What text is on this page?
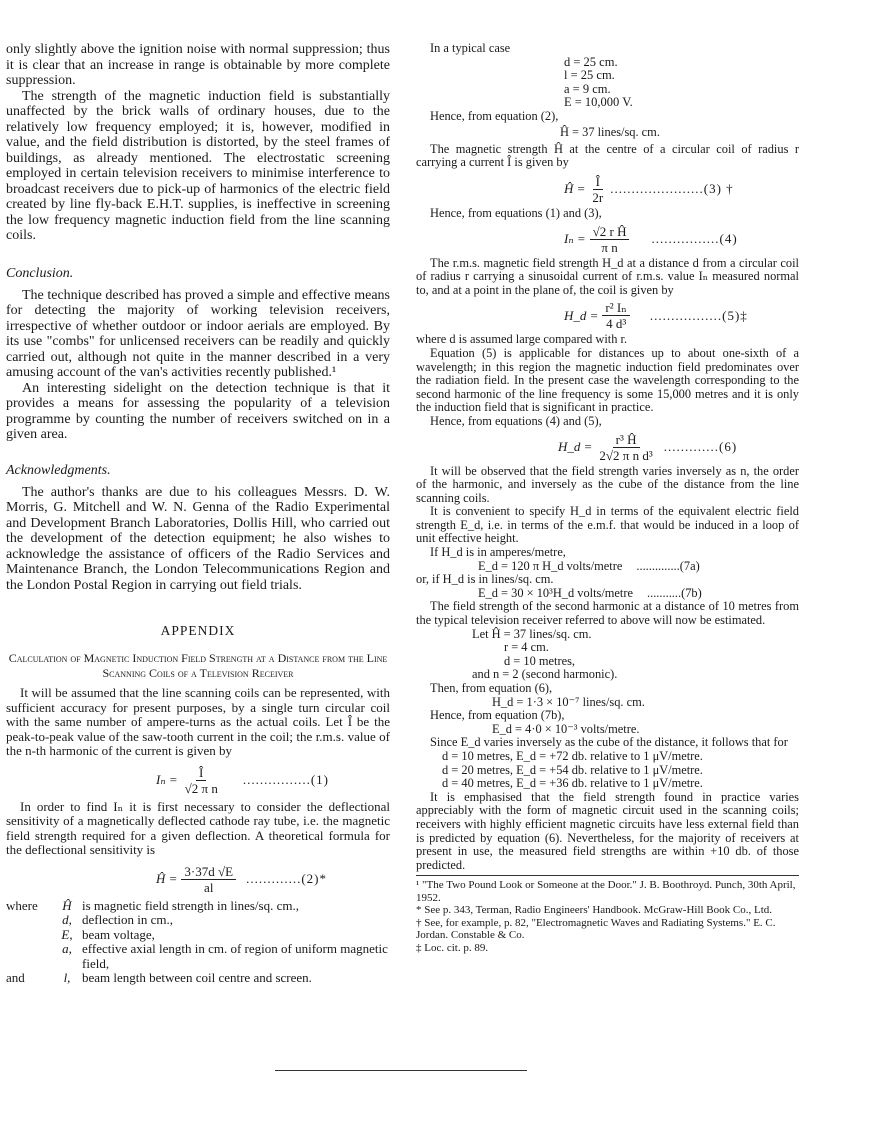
only slightly above the ignition noise with normal suppression; thus it is clear that an increase in range is obtainable by more complete suppression.

The strength of the magnetic induction field is substantially unaffected by the brick walls of ordinary houses, due to the relatively low frequency employed; it is, however, modified in value, and the field distribution is distorted, by the steel frames of buildings, as already mentioned. The electrostatic screening employed in certain television receivers to minimise interference to broadcast receivers due to pick-up of harmonics of the electric field created by line fly-back E.H.T. supplies, is ineffective in screening the low frequency magnetic induction field from the line scanning coils.

Conclusion.

The technique described has proved a simple and effective means for detecting the majority of working television receivers, irrespective of whether outdoor or indoor aerials are employed. By its use "combs" for unlicensed receivers can be readily and quickly carried out, although not quite in the manner described in a very amusing account of the van's activities recently published.¹

An interesting sidelight on the detection technique is that it provides a means for assessing the popularity of a television programme by counting the number of receivers switched on in a given area.

Acknowledgments.

The author's thanks are due to his colleagues Messrs. D. W. Morris, G. Mitchell and W. N. Genna of the Radio Experimental and Development Branch Laboratories, Dollis Hill, who carried out the development of the detection equipment; he also wishes to acknowledge the assistance of officers of the Radio Services and Maintenance Branch, the London Telecommunications Region and the London Postal Region in carrying out field trials.

APPENDIX

Calculation of Magnetic Induction Field Strength at a Distance from the Line Scanning Coils of a Television Receiver

It will be assumed that the line scanning coils can be represented, with sufficient accuracy for present purposes, by a single turn circular coil with the same number of ampere-turns as the actual coils. Let Î be the peak-to-peak value of the saw-tooth current in the coil; the r.m.s. value of the n-th harmonic of the current is given by

$I_n = \frac{Î}{\text{√2 π n}} ................(1)$

In order to find Iₙ it is first necessary to consider the deflectional sensitivity of a magnetically deflected cathode ray tube, i.e. the magnetic field strength required for a given deflection. A theoretical formula for the deflectional sensitivity is

Ĥ = $\frac{3\cdot 37d √E}{al} .............(2)*$
where	Ĥ is magnetic field strength in lines/sq. cm.,
d, deflection in cm.,
E, beam voltage,
a, effective axial length in cm. of region of uniform magnetic field,
and	l, beam length between coil centre and screen.

In a typical case

d = 25 cm.
l = 25 cm.
a = 9 cm.
E = 10,000 V.

Hence, from equation (2),

Ĥ = 37 lines/sq. cm.

The magnetic strength Ĥ at the centre of a circular coil of radius r carrying a current Î is given by

Ĥ = $\frac{Î}{2r} ......................(3)$ †

Hence, from equations (1) and (3),

$I_n = \frac{\text{√2 r Ĥ}}{\text{π n}} ................(4)$

The r.m.s. magnetic field strength H_d at a distance d from a circular coil of radius r carrying a sinusoidal current of r.m.s. value Iₙ measured normal to, and at a point in the plane of, the coil is given by

H_d = $\frac{\text{r² Iₙ}}{\text{4 d³}}$ .................(5)‡

where d is assumed large compared with r.

Equation (5) is applicable for distances up to about one-sixth of a wavelength; in this region the magnetic induction field predominates over the radiation field. In the present case the wavelength corresponding to the second harmonic of the line frequency is some 15,000 metres and it is only the induction field that is significant in practice.

Hence, from equations (4) and (5),

H_d = $\frac{\text{r³ Ĥ}}{\text{2√2 π n d³}} .............(6)$

It will be observed that the field strength varies inversely as n, the order of the harmonic, and inversely as the cube of the distance from the line scanning coils.

It is convenient to specify H_d in terms of the equivalent electric field strength E_d, i.e. in terms of the e.m.f. that would be induced in a loop of unit effective height.

If H_d is in amperes/metre,

E_d = 120 π H_d volts/metre ..............(7a)

or, if H_d is in lines/sq. cm.

E_d = 30 × 10³H_d volts/metre ...........(7b)

The field strength of the second harmonic at a distance of 10 metres from the typical television receiver referred to above will now be estimated.

Let Ĥ = 37 lines/sq. cm.
r = 4 cm.
d = 10 metres,
and n = 2 (second harmonic).

Then, from equation (6),

H_d = 1·3 × 10⁻⁷ lines/sq. cm.

Hence, from equation (7b),

E_d = 4·0 × 10⁻³ volts/metre.

Since E_d varies inversely as the cube of the distance, it follows that for

d = 10 metres, E_d = +72 db. relative to 1 μV/metre.
d = 20 metres, E_d = +54 db. relative to 1 μV/metre.
d = 40 metres, E_d = +36 db. relative to 1 μV/metre.

It is emphasised that the field strength found in practice varies appreciably with the form of magnetic circuit used in the scanning coils; receivers with highly efficient magnetic circuits have less external field than is predicted by equation (6). Nevertheless, for the majority of receivers at present in use, the measured field strengths are within +10 db. of those predicted.

¹ "The Two Pound Look or Someone at the Door." J. B. Boothroyd. Punch, 30th April, 1952.

* See p. 343, Terman, Radio Engineers' Handbook. McGraw-Hill Book Co., Ltd.

† See, for example, p. 82, "Electromagnetic Waves and Radiating Systems." E. C. Jordan. Constable & Co.

‡ Loc. cit. p. 89.
